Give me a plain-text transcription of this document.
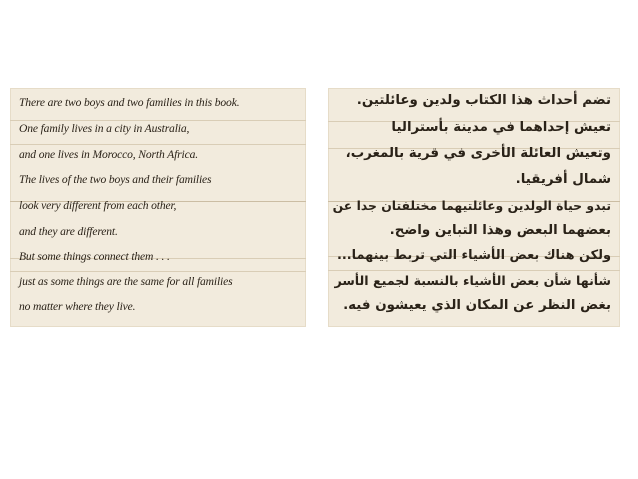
There are two boys and two families in this book.
One family lives in a city in Australia,
and one lives in Morocco, North Africa.
The lives of the two boys and their families
look very different from each other,
and they are different.
But some things connect them . . .
just as some things are the same for all families
no matter where they live.
تضم أحداث هذا الكتاب ولدين وعائلتين.
تعيش إحداهما في مدينة بأستراليا
وتعيش العائلة الأخرى في قرية بالمغرب،
شمال أفريقيا.
تبدو حياة الولدين وعائلتيهما مختلفتان جدا عن
بعضهما البعض وهذا التباين واضح.
ولكن هناك بعض الأشياء التي تربط بينهما...
شأنها شأن بعض الأشياء بالنسبة لجميع الأسر
بغض النظر عن المكان الذي يعيشون فيه.
